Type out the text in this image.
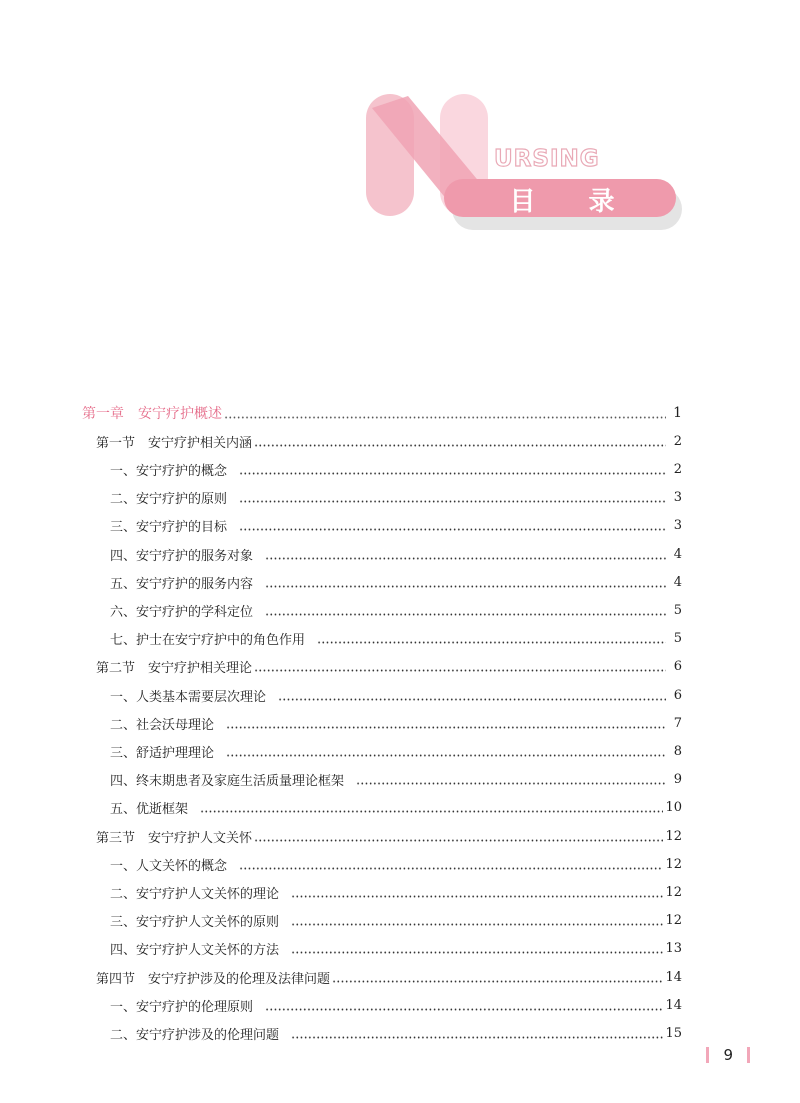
URSING
目 录
第一章　安宁疗护概述	1
第一节　安宁疗护相关内涵	2
一、安宁疗护的概念	2
二、安宁疗护的原则	3
三、安宁疗护的目标	3
四、安宁疗护的服务对象	4
五、安宁疗护的服务内容	4
六、安宁疗护的学科定位	5
七、护士在安宁疗护中的角色作用	5
第二节　安宁疗护相关理论	6
一、人类基本需要层次理论	6
二、社会沃母理论	7
三、舒适护理理论	8
四、终末期患者及家庭生活质量理论框架	9
五、优逝框架	10
第三节　安宁疗护人文关怀	12
一、人文关怀的概念	12
二、安宁疗护人文关怀的理论	12
三、安宁疗护人文关怀的原则	12
四、安宁疗护人文关怀的方法	13
第四节　安宁疗护涉及的伦理及法律问题	14
一、安宁疗护的伦理原则	14
二、安宁疗护涉及的伦理问题	15
9
